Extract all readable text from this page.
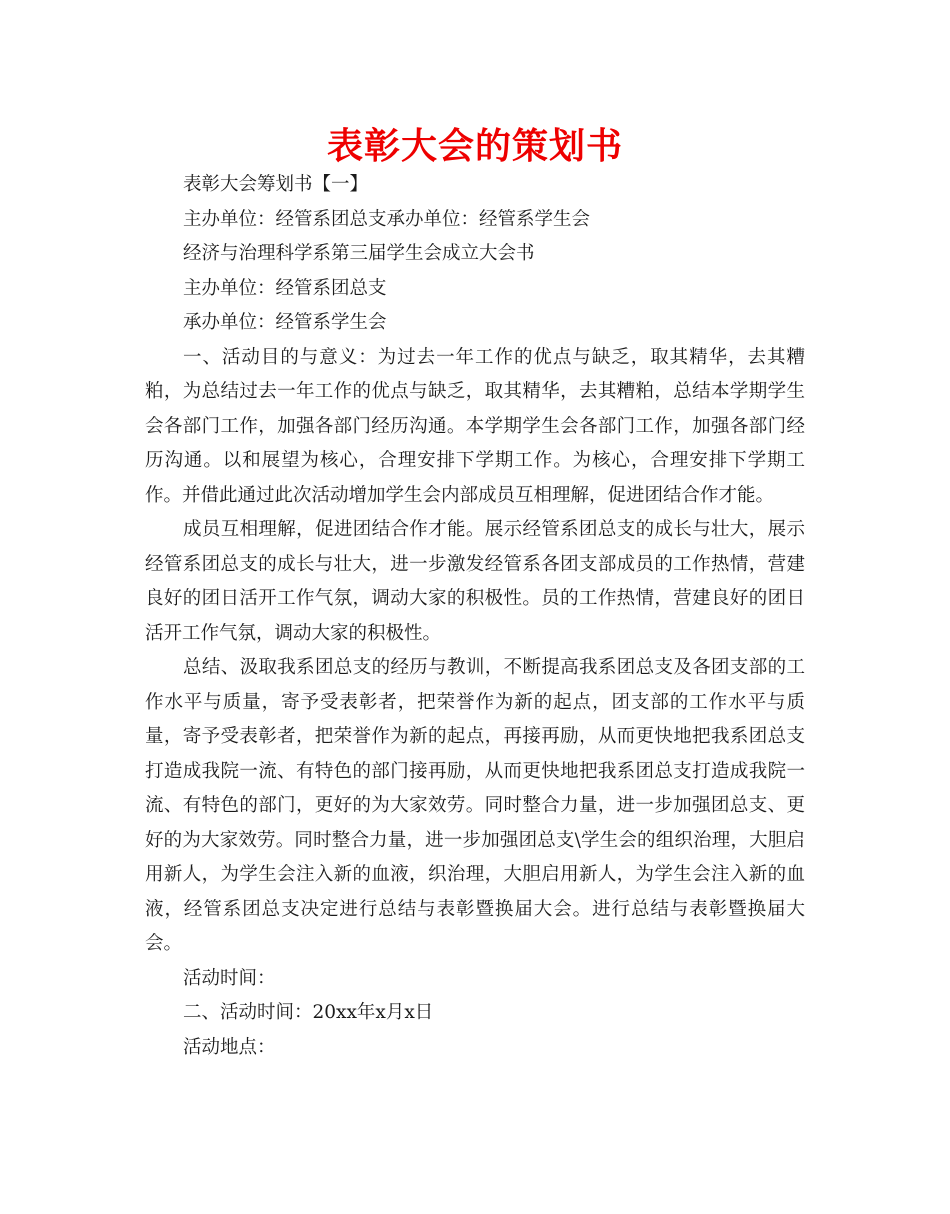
表彰大会的策划书

表彰大会筹划书【一】

主办单位：经管系团总支承办单位：经管系学生会

经济与治理科学系第三届学生会成立大会书

主办单位：经管系团总支

承办单位：经管系学生会

一、活动目的与意义：为过去一年工作的优点与缺乏，取其精华，去其糟粕，为总结过去一年工作的优点与缺乏，取其精华，去其糟粕，总结本学期学生会各部门工作，加强各部门经历沟通。本学期学生会各部门工作，加强各部门经历沟通。以和展望为核心，合理安排下学期工作。为核心，合理安排下学期工作。并借此通过此次活动增加学生会内部成员互相理解，促进团结合作才能。

成员互相理解，促进团结合作才能。展示经管系团总支的成长与壮大，展示经管系团总支的成长与壮大，进一步激发经管系各团支部成员的工作热情，营建良好的团日活开工作气氛，调动大家的积极性。员的工作热情，营建良好的团日活开工作气氛，调动大家的积极性。

总结、汲取我系团总支的经历与教训，不断提高我系团总支及各团支部的工作水平与质量，寄予受表彰者，把荣誉作为新的起点，团支部的工作水平与质量，寄予受表彰者，把荣誉作为新的起点，再接再励，从而更快地把我系团总支打造成我院一流、有特色的部门接再励，从而更快地把我系团总支打造成我院一流、有特色的部门，更好的为大家效劳。同时整合力量，进一步加强团总支、更好的为大家效劳。同时整合力量，进一步加强团总支\学生会的组织治理，大胆启用新人，为学生会注入新的血液，织治理，大胆启用新人，为学生会注入新的血液，经管系团总支决定进行总结与表彰暨换届大会。进行总结与表彰暨换届大会。

活动时间：

二、活动时间：20xx年x月x日

活动地点：
